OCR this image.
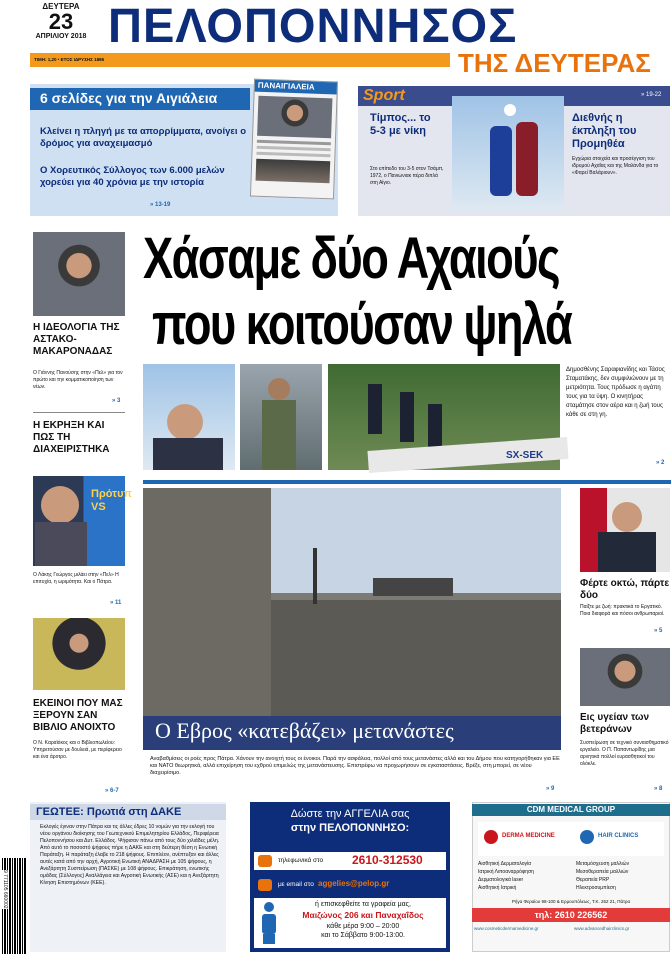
ΔΕΥΤΕΡΑ
23
ΑΠΡΙΛΙΟΥ 2018 ΠΕΛΟΠΟΝΝΗΣΟΣ
ΤΙΜΗ: 1,20 • ΕΤΟΣ ΙΔΡΥΣΗΣ 1886	ΤΗΣ ΔΕΥΤΕΡΑΣ
6 σελίδες για την Αιγιάλεια
Κλείνει η πληγή με τα απορρίμματα, ανοίγει ο δρόμος για αναχειμασμό
Ο Χορευτικός Σύλλογος των 6.000 μελών χορεύει για 40 χρόνια με την ιστορία
» 13-19
ΠΑΝΑΙΓΙΑΛΕΙΑ
Sport	» 19-22
Τίμπος... το 5-3 με νίκη
Στο επίπεδο του 3-5 στον Τσάμπ, 1972, ο Πανιωνιακ πέρα διπλά στη Αίγιο.
Διεθνής η έκπληξη του Προμηθέα
Εγχώρια στοιχεία και προσέγγιση του ιδρυμού Αχαΐας και της Μαλάνδα για το «Φαρεί Βαλάριουν».
Η ΙΔΕΟΛΟΓΙΑ ΤΗΣ ΑΣΤΑΚΟ-ΜΑΚΑΡΟΝΑΔΑΣ
Ο Γιάννης Πανούσης στην «Πελ» για τον πρώτο και την κομματικοποίηση των νέων.
» 3
Η ΕΚΡΗΞΗ ΚΑΙ ΠΩΣ ΤΗ ΔΙΑΧΕΙΡΙΣΤΗΚΑ
Πρότυπ VS
Ο Λάκης Γεώργος μιλάει στην «Πελ» Η επιτυχία, η ωριμότητα. Και ο Πάτρα.
» 11
ΕΚΕΙΝΟΙ ΠΟΥ ΜΑΣ ΞΕΡΟΥΝ ΣΑΝ ΒΙΒΛΙΟ ΑΝΟΙΧΤΟ
Ο Ν. Καραϊόκος και ο Βιβλιοπωλείου: Υπηρετούσαν με δουλειά, με περίφερειο και ένα άροτρο.
» 6-7
Χάσαμε δύο Αχαιούς
που κοιτούσαν ψηλά
SX-SEK
Δημοσθένης Σαραφιανίδης και Τάσος Σταματάκης, δεν συμφιλιώνουν με τη μετριότητα. Τους πρόδωσε η αγάπη τους για τα ύψη. Ο κινητήρας σταμάτησε στον αέρα και η ζωή τους κάθε σε στη γη.
» 2
Ο Εβρος «κατεβάζει» μετανάστες
Αναβαθμίσεις οι ροές προς Πάτρα. Χάνουν την ανοιχτή τους οι ένοικοι. Παρά την ασφάλεια, πολλοί από τους μετανάστες αλλά και του Δήμου που κατηγορήθηκαν για ΕΕ και ΝΑΤΟ θεωρητικά, αλλά επιχείρηση του εχθρού επιμελώς της μετανάστευσης. Επιστρέφω να προχωρήσουν σε εγκαταστάσεις. Βρέξε, στη μπορεί, σε νέου διαχειρίσιμο.
» 9
Φέρτε οκτώ, πάρτε δύο
Παίξτε με ζωή: πρακτικά το Εργατικό. Ποια διαφορά και πόσοι ανθρωπαριοί.
» 5
Εις υγείαν των βετεράνων
Συσπείρωση σε τεχνικό συναισθηματικό εργαλείο. Ο Π. Παπαντωρίδης μια αρνητικά πολλοί ευρασθητικοί του ολόκλε.
» 8
ΓΕΩΤΕΕ: Πρωτιά στη ΔΑΚΕ
Εκλογές έγιναν στην Πάτρα και τις άλλες έδρες 10 νομών για την εκλογή του νέου οργάνου διοίκησης του Γεωτεχνικού Επιμελητηρίου Ελλάδος, Περιφέρεια Πελοποννήσου και Δυτ. Ελλάδος. Ψήφισαν πάνω από τους δύο χιλιάδες μέλη. Από αυτό το ποσοστό ψήφους πήρε η ΔΑΚΕ και στη δεύτερη θέση η Ενωτική Παράταξη. Η παράταξη έλαβε το 218 ψήφους. Επιπλέον, ανέπτυξαν και άλλες αυτές κατά από την αρχή, Αγροτική Ενωτική ΑΝΑΔΡΑΣΗ με 105 ψήφους, η Ανεξάρτητη Συσπείρωση (ΠΑΣΚΕ) με 108 ψήφους. Επικράτηση, ενωτικής ομάδας (Σύλλογος) Αναλλάγεια και Αγροτική Ενωτικής (ΑΣΕ) και η Ανεξάρτητη Κίνηση Επιστημόνων (ΚΕΕ).
9 771105 660002
Δώστε την ΑΓΓΕΛΙΑ σας
στην ΠΕΛΟΠΟΝΝΗΣΟ:
τηλεφωνικά στο 2610-312530
με email στο aggelies@pelop.gr
ή επισκεφθείτε τα γραφεία μας,
Μαιζώνος 206 και Παναχαΐδος
κάθε μέρα 9:00 – 20:00
και το Σάββατο 9:00-13:00.
CDM MEDICAL GROUP
DERMA MEDICINE	HAIR CLINICS
Αισθητική Δερματολογία
Ιατρική Λιποαναρρόφηση
Δερματολογικά laser
Αισθητική Ιατρική
Μεταμόσχευση μαλλιών
Μεσοθεραπεία μαλλιών
Θεραπεία PRP
Ηλεκτροσυμπίεση
Ρήγα Φεραίου 98-100 & Ερμουπόλεως, Τ.Κ. 262 21, Πάτρα
τηλ: 2610 226562
www.cosmeticdermamedicine.gr	www.advancedhairclinics.gr
